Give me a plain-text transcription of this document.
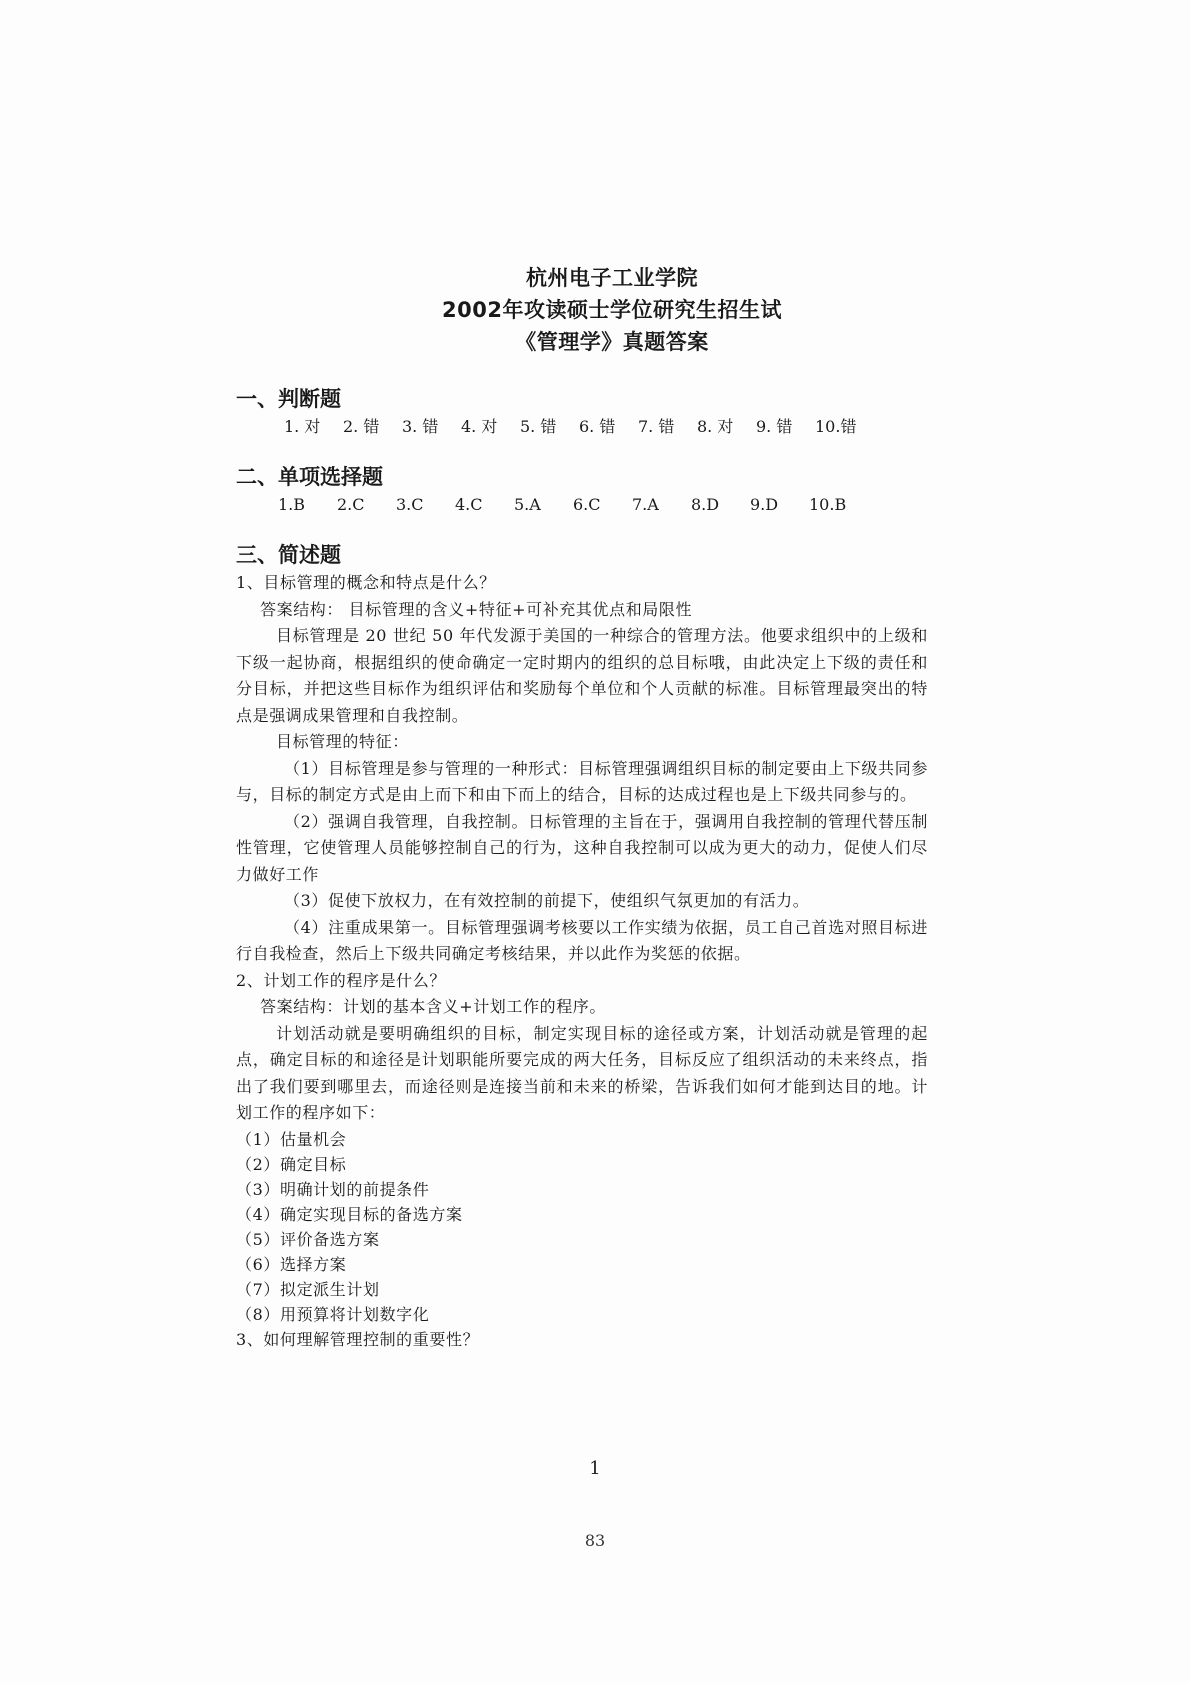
杭州电子工业学院
2002年攻读硕士学位研究生招生试
《管理学》真题答案
一、判断题
1. 对	2. 错	3. 错	4. 对	5. 错	6. 错	7. 错	8. 对	9. 错	10.错
二、单项选择题
1.B	2.C	3.C	4.C	5.A	6.C	7.A	8.D	9.D	10.B
三、简述题

1、目标管理的概念和特点是什么？

答案结构： 目标管理的含义+特征+可补充其优点和局限性

目标管理是 20 世纪 50 年代发源于美国的一种综合的管理方法。他要求组织中的上级和下级一起协商，根据组织的使命确定一定时期内的组织的总目标哦，由此决定上下级的责任和分目标，并把这些目标作为组织评估和奖励每个单位和个人贡献的标准。目标管理最突出的特点是强调成果管理和自我控制。

目标管理的特征：

（1）目标管理是参与管理的一种形式：目标管理强调组织目标的制定要由上下级共同参与，目标的制定方式是由上而下和由下而上的结合，目标的达成过程也是上下级共同参与的。

（2）强调自我管理，自我控制。日标管理的主旨在于，强调用自我控制的管理代替压制性管理，它使管理人员能够控制自己的行为，这种自我控制可以成为更大的动力，促使人们尽力做好工作

（3）促使下放权力，在有效控制的前提下，使组织气氛更加的有活力。

（4）注重成果第一。目标管理强调考核要以工作实绩为依据，员工自己首选对照目标进行自我检查，然后上下级共同确定考核结果，并以此作为奖惩的依据。

2、计划工作的程序是什么？

答案结构：计划的基本含义+计划工作的程序。

计划活动就是要明确组织的目标，制定实现目标的途径或方案，计划活动就是管理的起点，确定目标的和途径是计划职能所要完成的两大任务，目标反应了组织活动的未来终点，指出了我们要到哪里去，而途径则是连接当前和未来的桥梁，告诉我们如何才能到达目的地。计划工作的程序如下：

（1）估量机会

（2）确定目标

（3）明确计划的前提条件

（4）确定实现目标的备选方案

（5）评价备选方案

（6）选择方案

（7）拟定派生计划

（8）用预算将计划数字化

3、如何理解管理控制的重要性？

1
83
